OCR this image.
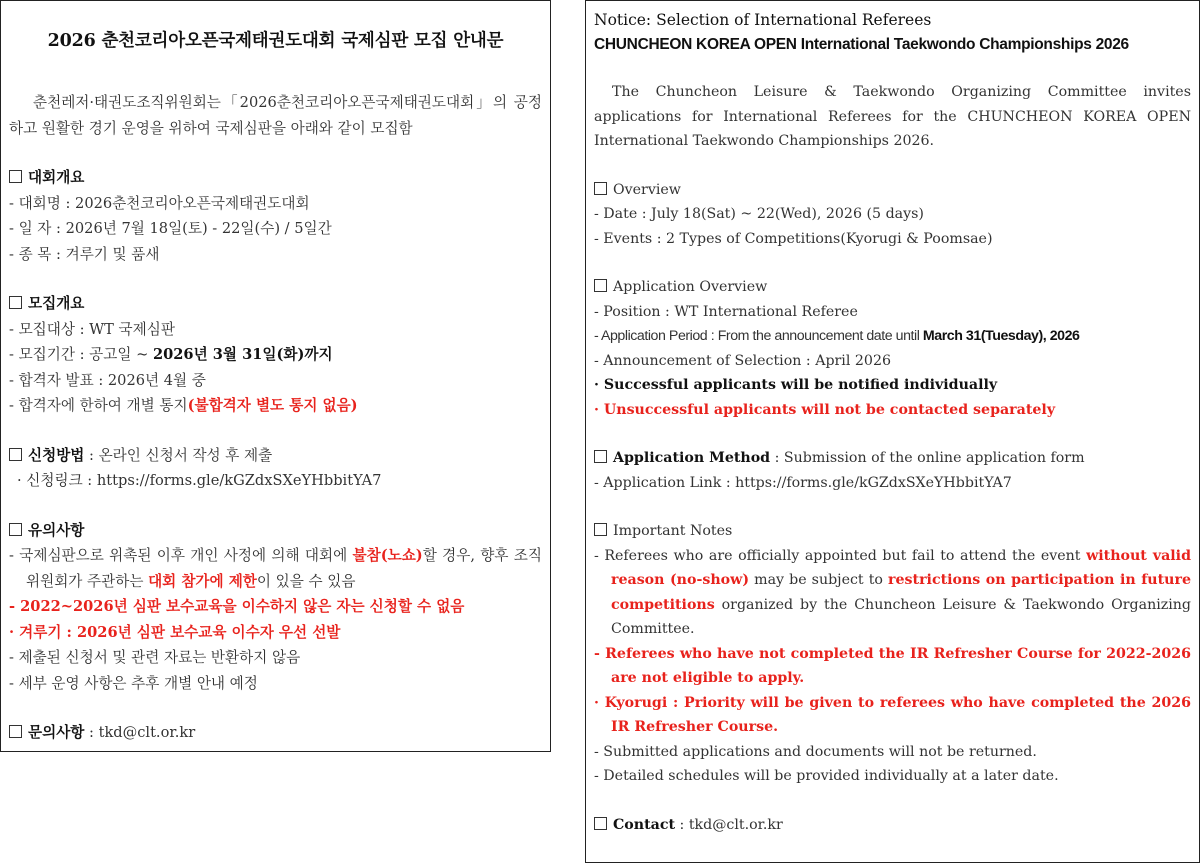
2026 춘천코리아오픈국제태권도대회 국제심판 모집 안내문
춘천레저·태권도조직위원회는「2026춘천코리아오픈국제태권도대회」의 공정하고 원활한 경기 운영을 위하여 국제심판을 아래와 같이 모집함
대회개요
- 대회명 : 2026춘천코리아오픈국제태권도대회
- 일 자 : 2026년 7월 18일(토) - 22일(수) / 5일간
- 종 목 : 겨루기 및 품새
모집개요
- 모집대상 : WT 국제심판
- 모집기간 : 공고일 ~ 2026년 3월 31일(화)까지
- 합격자 발표 : 2026년 4월 중
- 합격자에 한하여 개별 통지(불합격자 별도 통지 없음)
신청방법 : 온라인 신청서 작성 후 제출
· 신청링크 : https://forms.gle/kGZdxSXeYHbbitYA7
유의사항
- 국제심판으로 위촉된 이후 개인 사정에 의해 대회에 불참(노쇼)할 경우, 향후 조직위원회가 주관하는 대회 참가에 제한이 있을 수 있음
- 2022~2026년 심판 보수교육을 이수하지 않은 자는 신청할 수 없음
· 겨루기 : 2026년 심판 보수교육 이수자 우선 선발
- 제출된 신청서 및 관련 자료는 반환하지 않음
- 세부 운영 사항은 추후 개별 안내 예정
문의사항 : tkd@clt.or.kr
Notice: Selection of International Referees
CHUNCHEON KOREA OPEN International Taekwondo Championships 2026
The Chuncheon Leisure & Taekwondo Organizing Committee invites applications for International Referees for the CHUNCHEON KOREA OPEN International Taekwondo Championships 2026.
Overview
- Date : July 18(Sat) ~ 22(Wed), 2026 (5 days)
- Events : 2 Types of Competitions(Kyorugi & Poomsae)
Application Overview
- Position : WT International Referee
- Application Period : From the announcement date until March 31(Tuesday), 2026
- Announcement of Selection : April 2026
· Successful applicants will be notified individually
· Unsuccessful applicants will not be contacted separately
Application Method : Submission of the online application form
- Application Link : https://forms.gle/kGZdxSXeYHbbitYA7
Important Notes
- Referees who are officially appointed but fail to attend the event without valid reason (no-show) may be subject to restrictions on participation in future competitions organized by the Chuncheon Leisure & Taekwondo Organizing Committee.
- Referees who have not completed the IR Refresher Course for 2022-2026 are not eligible to apply.
· Kyorugi : Priority will be given to referees who have completed the 2026 IR Refresher Course.
- Submitted applications and documents will not be returned.
- Detailed schedules will be provided individually at a later date.
Contact : tkd@clt.or.kr
